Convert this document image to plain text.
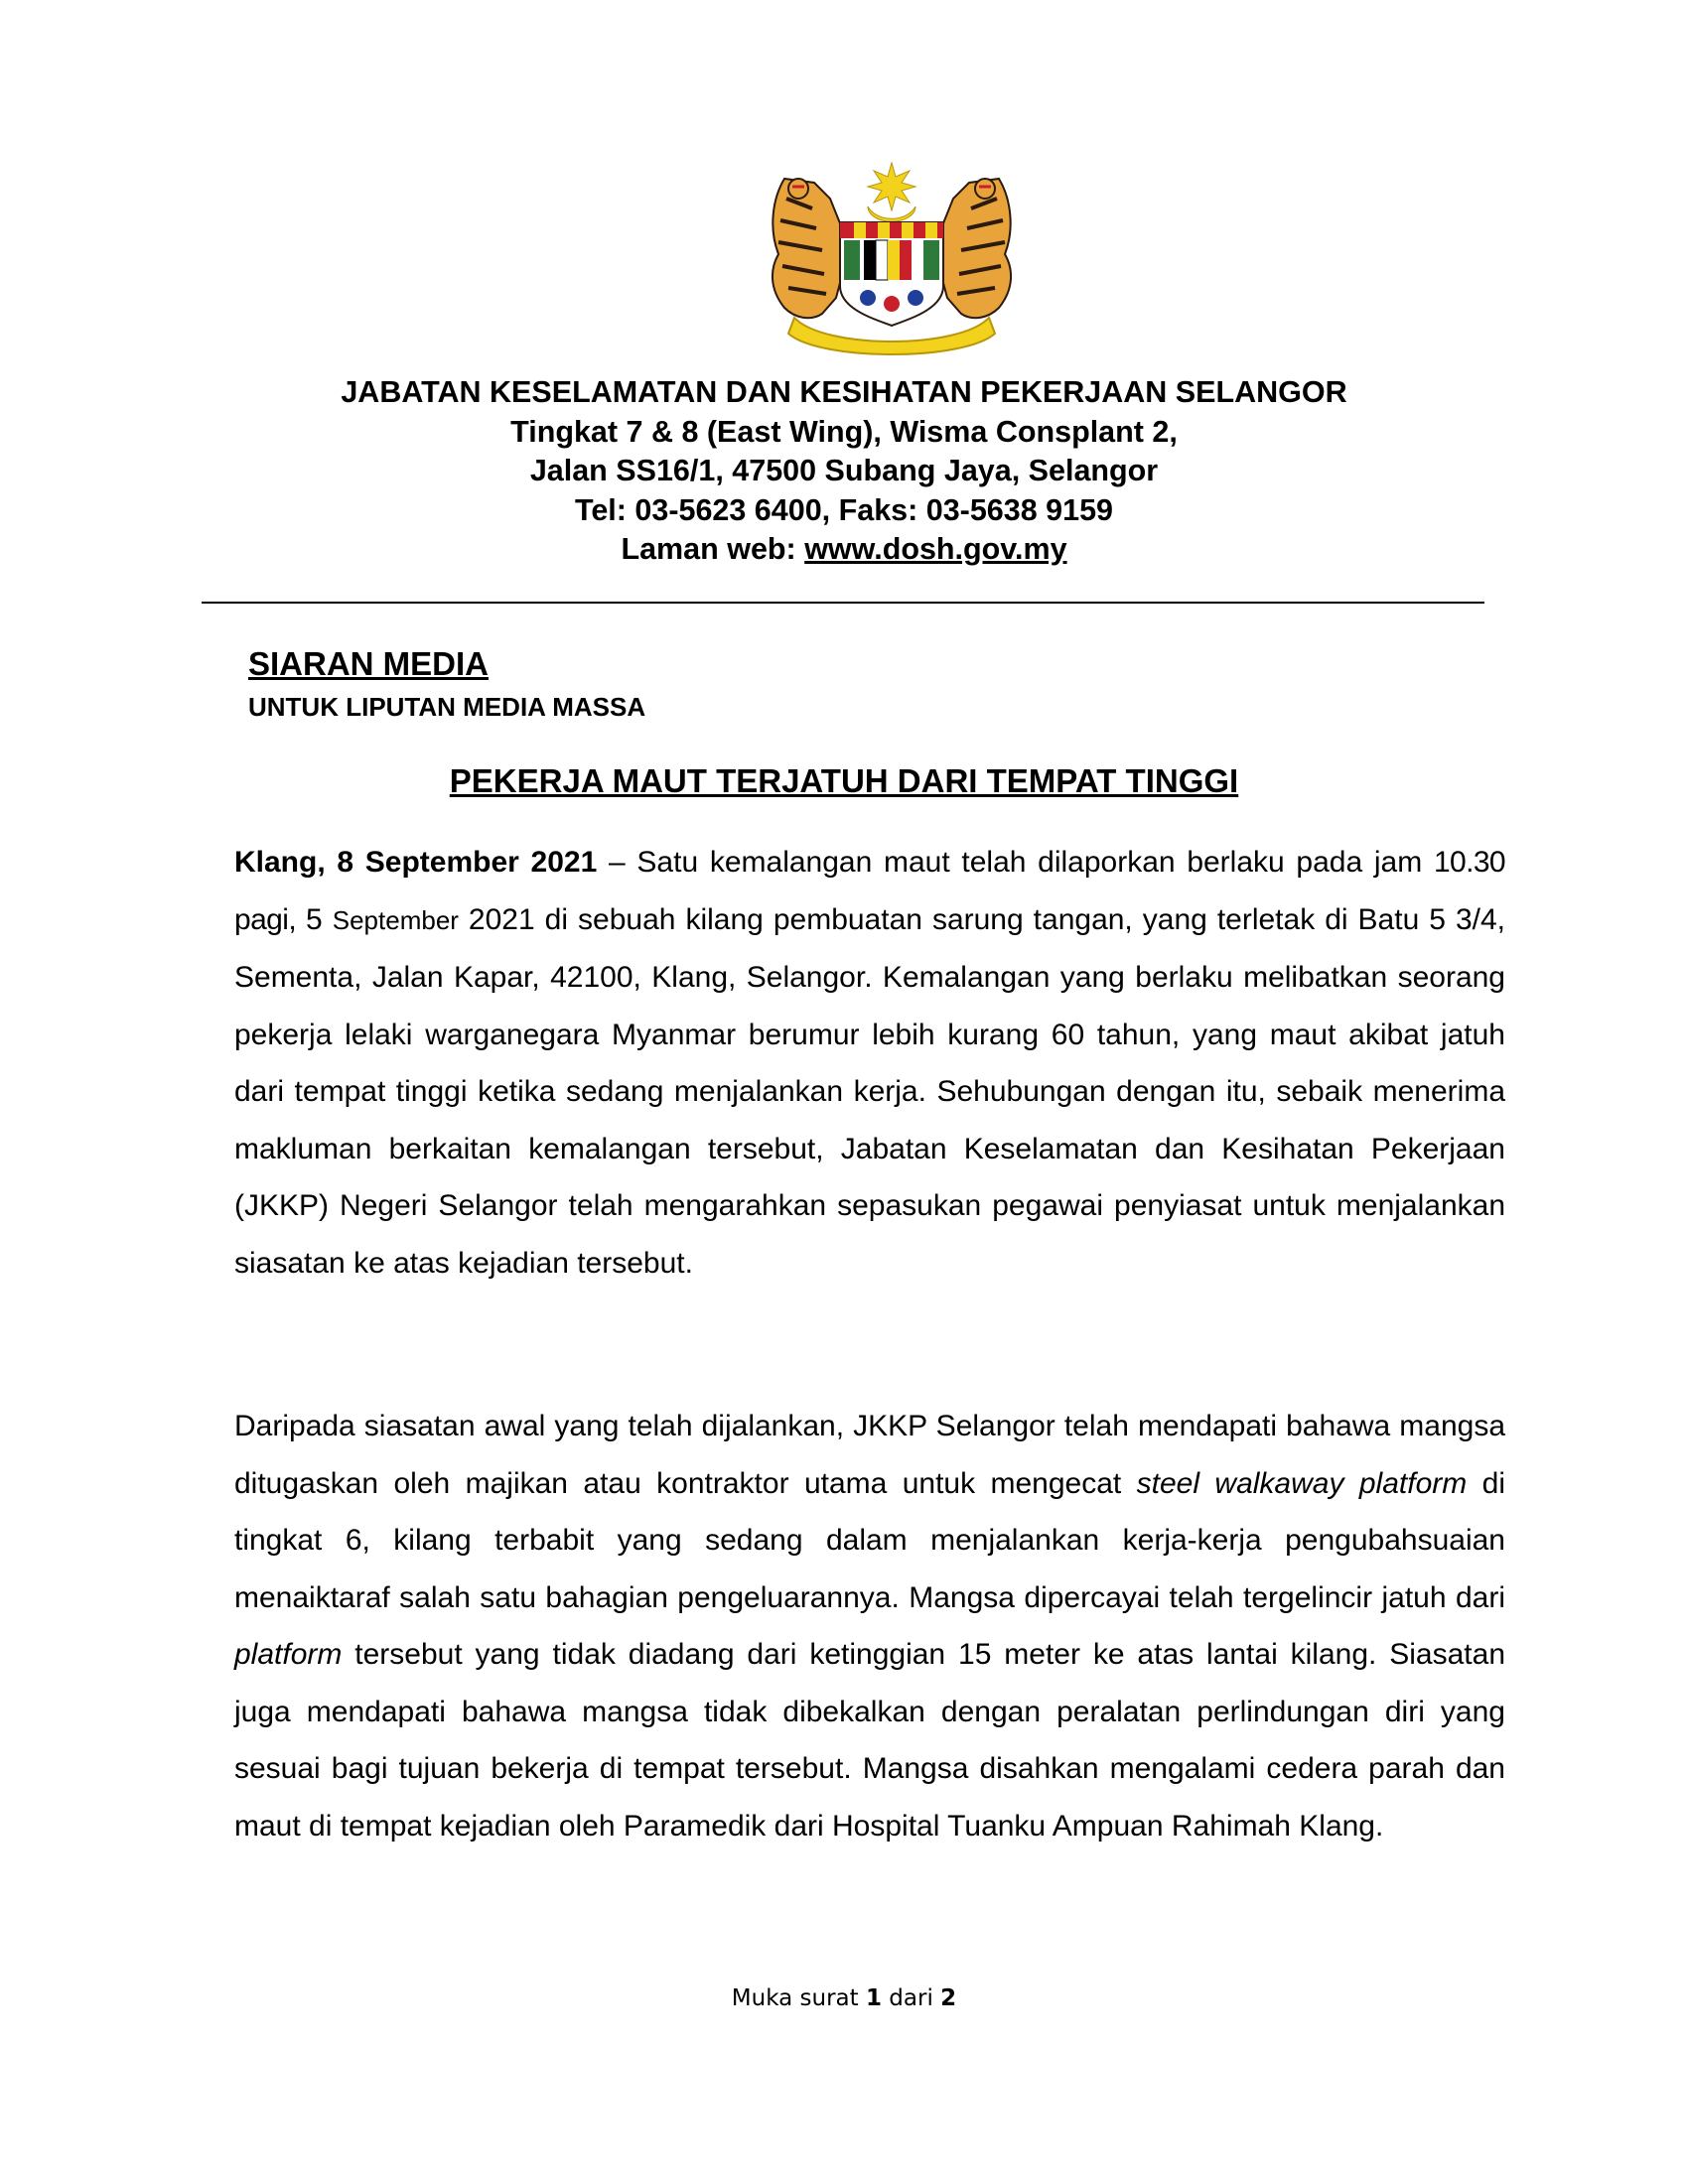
JABATAN KESELAMATAN DAN KESIHATAN PEKERJAAN SELANGOR
Tingkat 7 & 8 (East Wing), Wisma Consplant 2,
Jalan SS16/1, 47500 Subang Jaya, Selangor
Tel: 03-5623 6400, Faks: 03-5638 9159
Laman web: www.dosh.gov.my
SIARAN MEDIA
UNTUK LIPUTAN MEDIA MASSA
PEKERJA MAUT TERJATUH DARI TEMPAT TINGGI
Klang, 8 September 2021 – Satu kemalangan maut telah dilaporkan berlaku pada jam 10.30 pagi, 5 September 2021 di sebuah kilang pembuatan sarung tangan, yang terletak di Batu 5 3/4, Sementa, Jalan Kapar, 42100, Klang, Selangor. Kemalangan yang berlaku melibatkan seorang pekerja lelaki warganegara Myanmar berumur lebih kurang 60 tahun, yang maut akibat jatuh dari tempat tinggi ketika sedang menjalankan kerja. Sehubungan dengan itu, sebaik menerima makluman berkaitan kemalangan tersebut, Jabatan Keselamatan dan Kesihatan Pekerjaan (JKKP) Negeri Selangor telah mengarahkan sepasukan pegawai penyiasat untuk menjalankan siasatan ke atas kejadian tersebut.
Daripada siasatan awal yang telah dijalankan, JKKP Selangor telah mendapati bahawa mangsa ditugaskan oleh majikan atau kontraktor utama untuk mengecat steel walkaway platform di tingkat 6, kilang terbabit yang sedang dalam menjalankan kerja-kerja pengubahsuaian menaiktaraf salah satu bahagian pengeluarannya. Mangsa dipercayai telah tergelincir jatuh dari platform tersebut yang tidak diadang dari ketinggian 15 meter ke atas lantai kilang. Siasatan juga mendapati bahawa mangsa tidak dibekalkan dengan peralatan perlindungan diri yang sesuai bagi tujuan bekerja di tempat tersebut. Mangsa disahkan mengalami cedera parah dan maut di tempat kejadian oleh Paramedik dari Hospital Tuanku Ampuan Rahimah Klang.
Muka surat 1 dari 2
